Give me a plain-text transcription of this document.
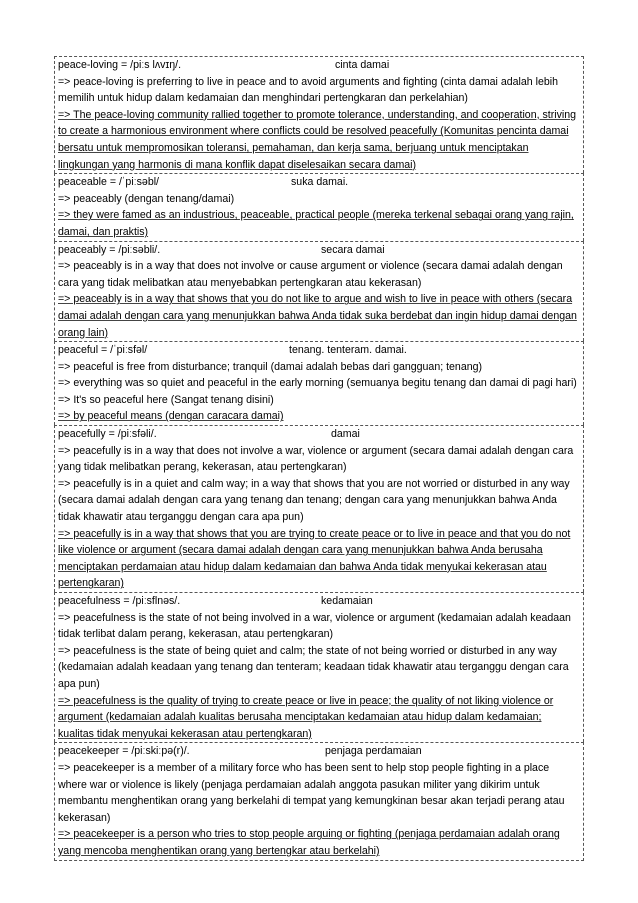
peace-loving = /piːs lʌvɪŋ/.	cinta damai
=> peace-loving is preferring to live in peace and to avoid arguments and fighting (cinta damai adalah lebih memilih untuk hidup dalam kedamaian dan menghindari pertengkaran dan perkelahian)
=> The peace-loving community rallied together to promote tolerance, understanding, and cooperation, striving to create a harmonious environment where conflicts could be resolved peacefully (Komunitas pencinta damai bersatu untuk mempromosikan toleransi, pemahaman, dan kerja sama, berjuang untuk menciptakan lingkungan yang harmonis di mana konflik dapat diselesaikan secara damai)
peaceable = /ˈpiːsəbl/	suka damai.
=> peaceably (dengan tenang/damai)
=> they were famed as an industrious, peaceable, practical people (mereka terkenal sebagai orang yang rajin, damai, dan praktis)
peaceably = /piːsəbli/.	secara damai
=> peaceably is in a way that does not involve or cause argument or violence (secara damai adalah dengan cara yang tidak melibatkan atau menyebabkan pertengkaran atau kekerasan)
=> peaceably is in a way that shows that you do not like to argue and wish to live in peace with others (secara damai adalah dengan cara yang menunjukkan bahwa Anda tidak suka berdebat dan ingin hidup damai dengan orang lain)
peaceful = /ˈpiːsfəl/	tenang. tenteram. damai.
=> peaceful is free from disturbance; tranquil (damai adalah bebas dari gangguan; tenang)
=> everything was so quiet and peaceful in the early morning (semuanya begitu tenang dan damai di pagi hari)
=> It's so peaceful here (Sangat tenang disini)
=> by peaceful means (dengan caracara damai)
peacefully = /piːsfəli/.	damai
=> peacefully is in a way that does not involve a war, violence or argument (secara damai adalah dengan cara yang tidak melibatkan perang, kekerasan, atau pertengkaran)
=> peacefully is in a quiet and calm way; in a way that shows that you are not worried or disturbed in any way (secara damai adalah dengan cara yang tenang dan tenang; dengan cara yang menunjukkan bahwa Anda tidak khawatir atau terganggu dengan cara apa pun)
=> peacefully is in a way that shows that you are trying to create peace or to live in peace and that you do not like violence or argument (secara damai adalah dengan cara yang menunjukkan bahwa Anda berusaha menciptakan perdamaian atau hidup dalam kedamaian dan bahwa Anda tidak menyukai kekerasan atau pertengkaran)
peacefulness = /piːsflnəs/.	kedamaian
=> peacefulness is the state of not being involved in a war, violence or argument (kedamaian adalah keadaan tidak terlibat dalam perang, kekerasan, atau pertengkaran)
=> peacefulness is the state of being quiet and calm; the state of not being worried or disturbed in any way (kedamaian adalah keadaan yang tenang dan tenteram; keadaan tidak khawatir atau terganggu dengan cara apa pun)
=> peacefulness is the quality of trying to create peace or live in peace; the quality of not liking violence or argument (kedamaian adalah kualitas berusaha menciptakan kedamaian atau hidup dalam kedamaian; kualitas tidak menyukai kekerasan atau pertengkaran)
peacekeeper = /piːskiːpə(r)/.	penjaga perdamaian
=> peacekeeper is a member of a military force who has been sent to help stop people fighting in a place where war or violence is likely (penjaga perdamaian adalah anggota pasukan militer yang dikirim untuk membantu menghentikan orang yang berkelahi di tempat yang kemungkinan besar akan terjadi perang atau kekerasan)
=> peacekeeper is a person who tries to stop people arguing or fighting (penjaga perdamaian adalah orang yang mencoba menghentikan orang yang bertengkar atau berkelahi)
